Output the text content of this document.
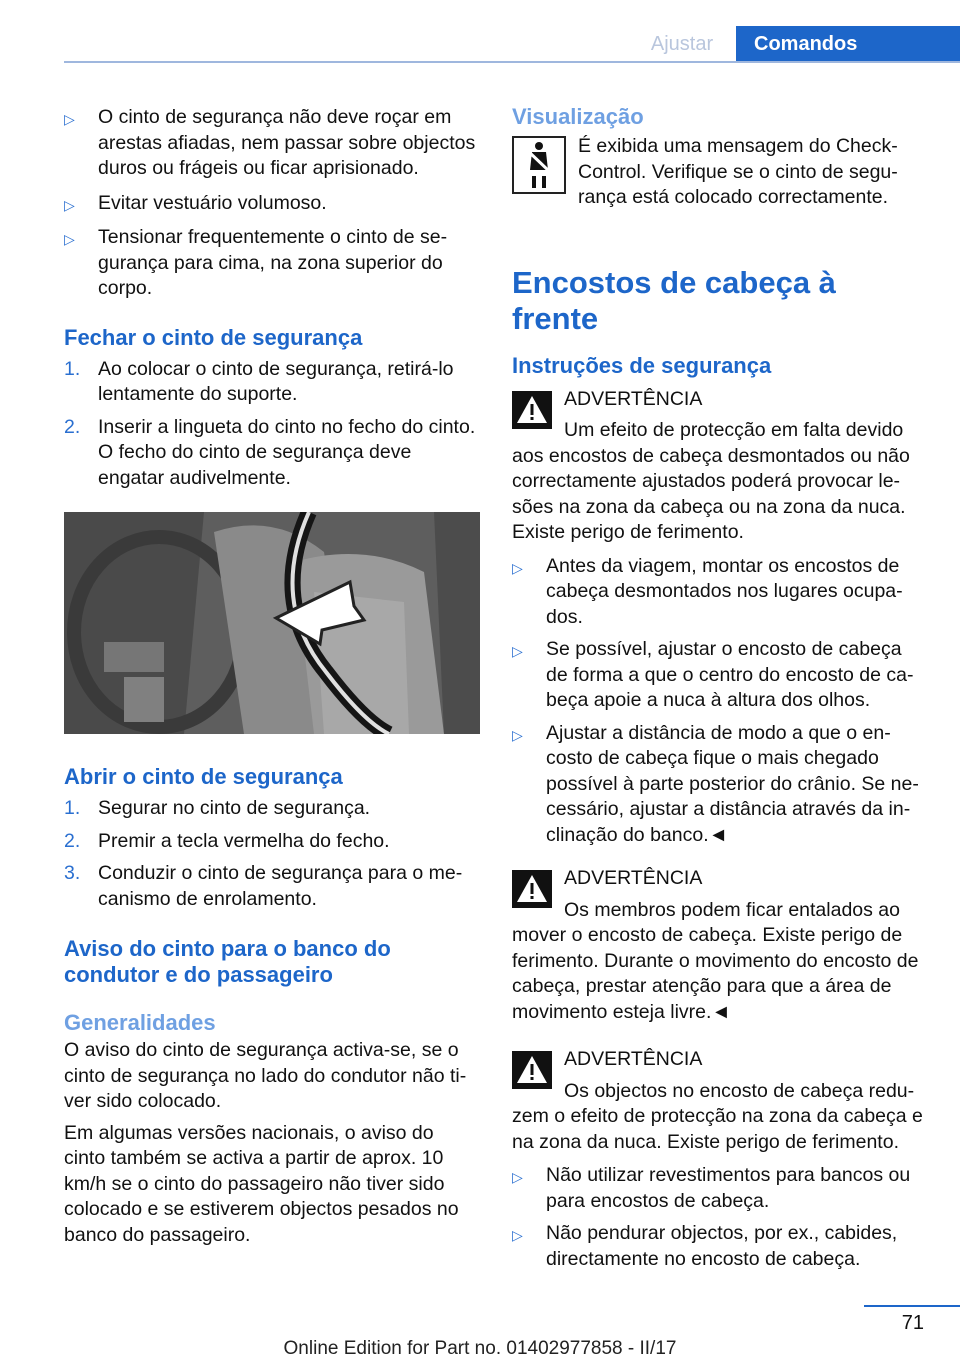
Ajustar	Comandos
▷ O cinto de segurança não deve roçar em arestas afiadas, nem passar sobre objectos duros ou frágeis ou ficar aprisionado.
▷ Evitar vestuário volumoso.
▷ Tensionar frequentemente o cinto de segurança para cima, na zona superior do corpo.
Fechar o cinto de segurança
1. Ao colocar o cinto de segurança, retirá-lo lentamente do suporte.
2. Inserir a lingueta do cinto no fecho do cinto. O fecho do cinto de segurança deve engatar audivelmente.
Abrir o cinto de segurança
1. Segurar no cinto de segurança.
2. Premir a tecla vermelha do fecho.
3. Conduzir o cinto de segurança para o mecanismo de enrolamento.
Aviso do cinto para o banco do condutor e do passageiro
Generalidades
O aviso do cinto de segurança activa-se, se o cinto de segurança no lado do condutor não tiver sido colocado.
Em algumas versões nacionais, o aviso do cinto também se activa a partir de aprox. 10 km/h se o cinto do passageiro não tiver sido colocado e se estiverem objectos pesados no banco do passageiro.
Visualização
É exibida uma mensagem do Check-Control. Verifique se o cinto de segurança está colocado correctamente.
Encostos de cabeça à frente
Instruções de segurança
ADVERTÊNCIA
Um efeito de protecção em falta devido aos encostos de cabeça desmontados ou não correctamente ajustados poderá provocar lesões na zona da cabeça ou na zona da nuca. Existe perigo de ferimento.
▷ Antes da viagem, montar os encostos de cabeça desmontados nos lugares ocupados.
▷ Se possível, ajustar o encosto de cabeça de forma a que o centro do encosto de cabeça apoie a nuca à altura dos olhos.
▷ Ajustar a distância de modo a que o encosto de cabeça fique o mais chegado possível à parte posterior do crânio. Se necessário, ajustar a distância através da inclinação do banco.◄
ADVERTÊNCIA
Os membros podem ficar entalados ao mover o encosto de cabeça. Existe perigo de ferimento. Durante o movimento do encosto de cabeça, prestar atenção para que a área de movimento esteja livre.◄
ADVERTÊNCIA
Os objectos no encosto de cabeça reduzem o efeito de protecção na zona da cabeça e na zona da nuca. Existe perigo de ferimento.
▷ Não utilizar revestimentos para bancos ou para encostos de cabeça.
▷ Não pendurar objectos, por ex., cabides, directamente no encosto de cabeça.
71
Online Edition for Part no. 01402977858 - II/17
